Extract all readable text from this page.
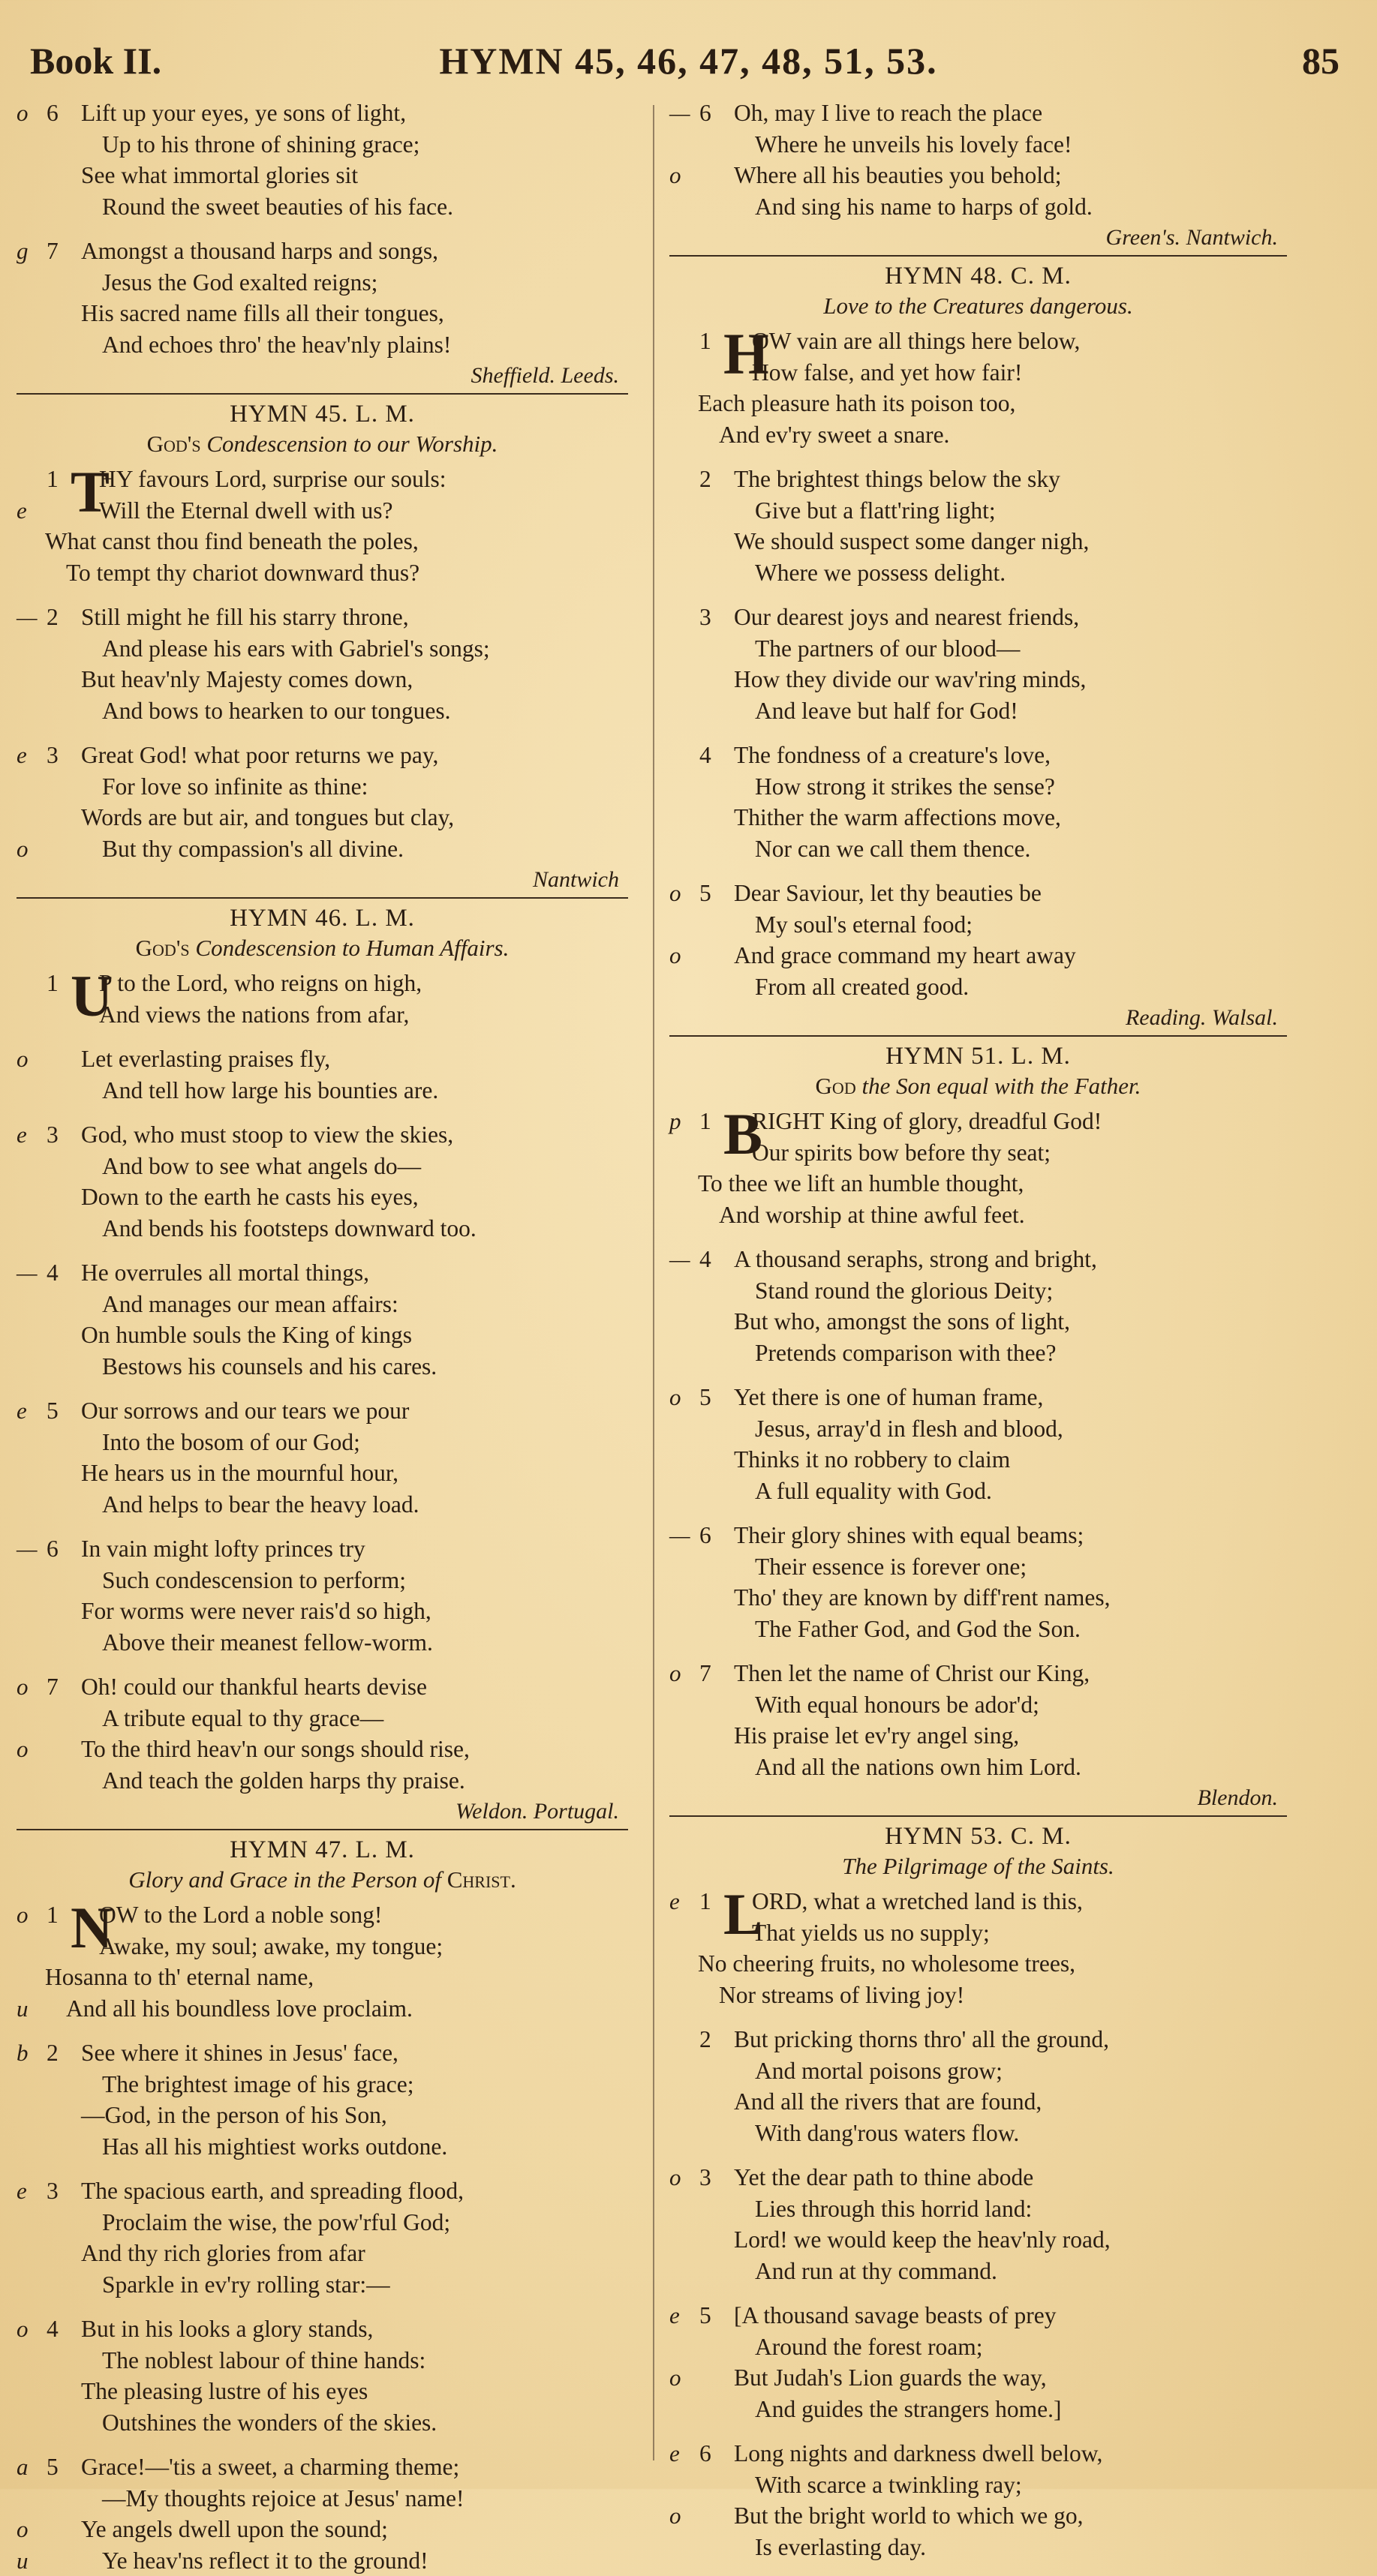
Book II.	HYMN 45, 46, 47, 48, 51, 53.	85
Lift up your eyes, ye sons of light,
o
Up to his throne of shining grace;
See what immortal glories sit
Round the sweet beauties of his face.
6
Amongst a thousand harps and songs,
g
Jesus the God exalted reigns;
His sacred name fills all their tongues,
And echoes thro' the heav'nly plains!
7
Sheffield. Leeds.
HYMN 45. L. M.
God's Condescension to our Worship.
T
HY favours Lord, surprise our souls:
Will the Eternal dwell with us?
e
1
What canst thou find beneath the poles,
To tempt thy chariot downward thus?
Still might he fill his starry throne,
—
And please his ears with Gabriel's songs;
But heav'nly Majesty comes down,
And bows to hearken to our tongues.
2
Great God! what poor returns we pay,
e
For love so infinite as thine:
Words are but air, and tongues but clay,
But thy compassion's all divine.
o
3
Nantwich
HYMN 46. L. M.
God's Condescension to Human Affairs.
U
P to the Lord, who reigns on high,
And views the nations from afar,
1
Let everlasting praises fly,
o
And tell how large his bounties are.
God, who must stoop to view the skies,
e
And bow to see what angels do—
Down to the earth he casts his eyes,
And bends his footsteps downward too.
3
He overrules all mortal things,
—
And manages our mean affairs:
On humble souls the King of kings
Bestows his counsels and his cares.
4
Our sorrows and our tears we pour
e
Into the bosom of our God;
He hears us in the mournful hour,
And helps to bear the heavy load.
5
In vain might lofty princes try
—
Such condescension to perform;
For worms were never rais'd so high,
Above their meanest fellow-worm.
6
Oh! could our thankful hearts devise
o
A tribute equal to thy grace—
To the third heav'n our songs should rise,
o
And teach the golden harps thy praise.
7
Weldon. Portugal.
HYMN 47. L. M.
Glory and Grace in the Person of Christ.
N
OW to the Lord a noble song!
Awake, my soul; awake, my tongue;
o 1
Hosanna to th' eternal name,
And all his boundless love proclaim.
u
See where it shines in Jesus' face,
b
The brightest image of his grace;
—God, in the person of his Son,
Has all his mightiest works outdone.
2
The spacious earth, and spreading flood,
e
Proclaim the wise, the pow'rful God;
And thy rich glories from afar
Sparkle in ev'ry rolling star:—
3
But in his looks a glory stands,
o
The noblest labour of thine hands:
The pleasing lustre of his eyes
Outshines the wonders of the skies.
4
Grace!—'tis a sweet, a charming theme;
a
—My thoughts rejoice at Jesus' name!
Ye angels dwell upon the sound;
o
Ye heav'ns reflect it to the ground!
u
5
Oh, may I live to reach the place
—
Where he unveils his lovely face!
Where all his beauties you behold;
o
And sing his name to harps of gold.
6
Green's. Nantwich.
HYMN 48. C. M.
Love to the Creatures dangerous.
H
OW vain are all things here below,
How false, and yet how fair!
1
Each pleasure hath its poison too,
And ev'ry sweet a snare.
The brightest things below the sky
Give but a flatt'ring light;
We should suspect some danger nigh,
Where we possess delight.
2
Our dearest joys and nearest friends,
The partners of our blood—
How they divide our wav'ring minds,
And leave but half for God!
3
The fondness of a creature's love,
How strong it strikes the sense?
Thither the warm affections move,
Nor can we call them thence.
4
Dear Saviour, let thy beauties be
o
My soul's eternal food;
And grace command my heart away
o
From all created good.
5
Reading. Walsal.
HYMN 51. L. M.
God the Son equal with the Father.
B
RIGHT King of glory, dreadful God!
Our spirits bow before thy seat;
p 1
To thee we lift an humble thought,
And worship at thine awful feet.
A thousand seraphs, strong and bright,
—
Stand round the glorious Deity;
But who, amongst the sons of light,
Pretends comparison with thee?
4
Yet there is one of human frame,
o
Jesus, array'd in flesh and blood,
Thinks it no robbery to claim
A full equality with God.
5
Their glory shines with equal beams;
—
Their essence is forever one;
Tho' they are known by diff'rent names,
The Father God, and God the Son.
6
Then let the name of Christ our King,
o
With equal honours be ador'd;
His praise let ev'ry angel sing,
And all the nations own him Lord.
7
Blendon.
HYMN 53. C. M.
The Pilgrimage of the Saints.
L
ORD, what a wretched land is this,
That yields us no supply;
e 1
No cheering fruits, no wholesome trees,
Nor streams of living joy!
But pricking thorns thro' all the ground,
And mortal poisons grow;
And all the rivers that are found,
With dang'rous waters flow.
2
Yet the dear path to thine abode
o
Lies through this horrid land:
Lord! we would keep the heav'nly road,
And run at thy command.
3
[A thousand savage beasts of prey
e
Around the forest roam;
But Judah's Lion guards the way,
o
And guides the strangers home.]
5
Long nights and darkness dwell below,
e
With scarce a twinkling ray;
But the bright world to which we go,
o
Is everlasting day.
6
